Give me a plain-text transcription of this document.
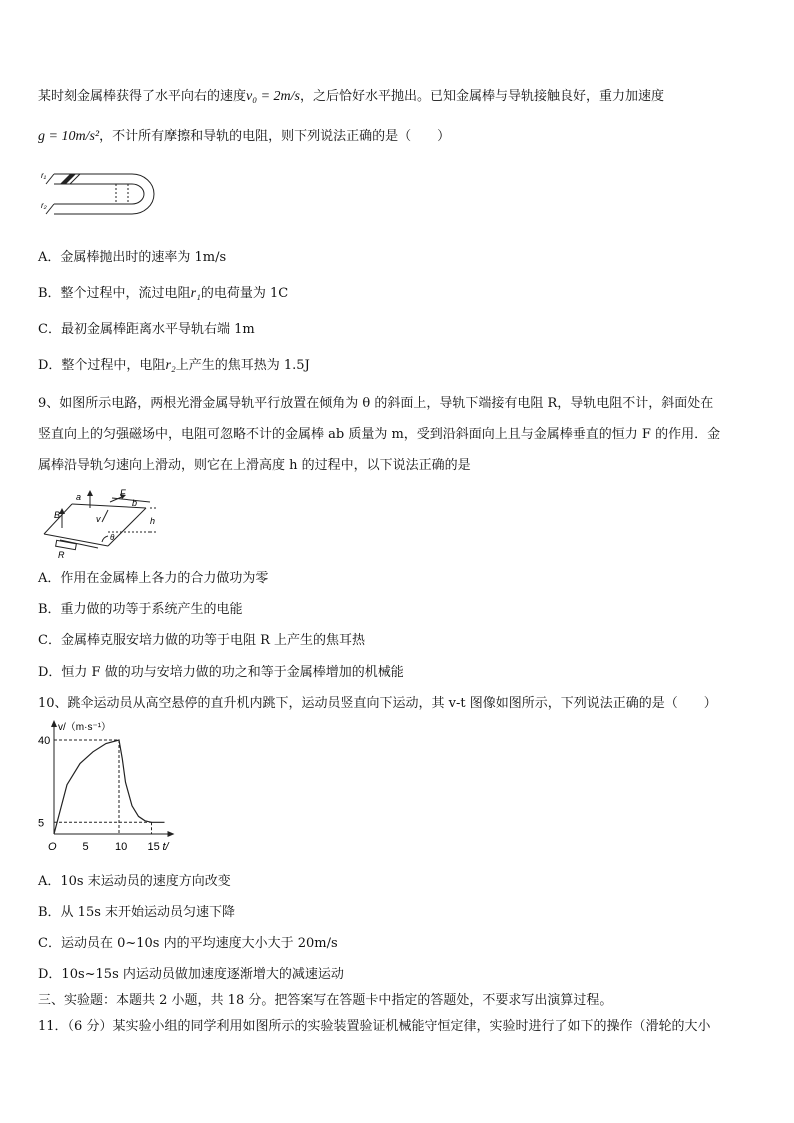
某时刻金属棒获得了水平向右的速度v₀ = 2m/s，之后恰好水平抛出。已知金属棒与导轨接触良好，重力加速度
g = 10m/s²，不计所有摩擦和导轨的电阻，则下列说法正确的是（　　）
r₁
r₂
A．金属棒抛出时的速率为 1m/s
B．整个过程中，流过电阻r₁的电荷量为 1C
C．最初金属棒距离水平导轨右端 1m
D．整个过程中，电阻r₂上产生的焦耳热为 1.5J
9、如图所示电路，两根光滑金属导轨平行放置在倾角为 θ 的斜面上，导轨下端接有电阻 R，导轨电阻不计，斜面处在
竖直向上的匀强磁场中，电阻可忽略不计的金属棒 ab 质量为 m，受到沿斜面向上且与金属棒垂直的恒力 F 的作用．金
属棒沿导轨匀速向上滑动，则它在上滑高度 h 的过程中，以下说法正确的是
a
b
F
B	v	h
R
θ
A．作用在金属棒上各力的合力做功为零
B．重力做的功等于系统产生的电能
C．金属棒克服安培力做的功等于电阻 R 上产生的焦耳热
D．恒力 F 做的功与安培力做的功之和等于金属棒增加的机械能
10、跳伞运动员从高空悬停的直升机内跳下，运动员竖直向下运动，其 v-t 图像如图所示，下列说法正确的是（　　）
5 10 15
5
40
O
v/（m·s⁻¹）
t/
A．10s 末运动员的速度方向改变
B．从 15s 末开始运动员匀速下降
C．运动员在 0~10s 内的平均速度大小大于 20m/s
D．10s~15s 内运动员做加速度逐渐增大的减速运动
三、实验题：本题共 2 小题，共 18 分。把答案写在答题卡中指定的答题处，不要求写出演算过程。
11．（6 分）某实验小组的同学利用如图所示的实验装置验证机械能守恒定律，实验时进行了如下的操作（滑轮的大小
